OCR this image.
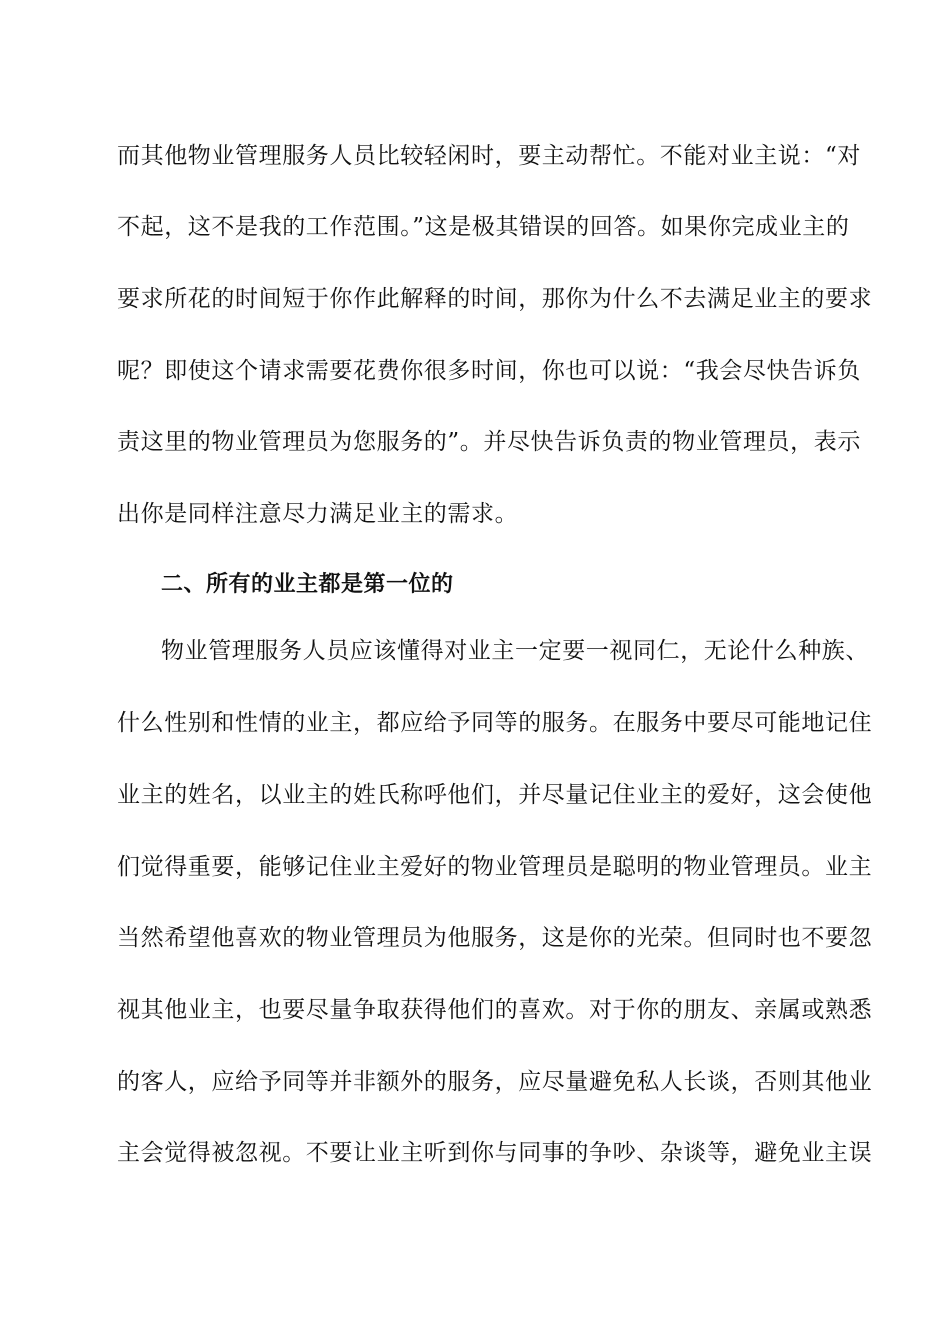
而其他物业管理服务人员比较轻闲时，要主动帮忙。不能对业主说：“对
不起，这不是我的工作范围。”这是极其错误的回答。如果你完成业主的
要求所花的时间短于你作此解释的时间，那你为什么不去满足业主的要求
呢？即使这个请求需要花费你很多时间，你也可以说：“我会尽快告诉负
责这里的物业管理员为您服务的”。并尽快告诉负责的物业管理员，表示
出你是同样注意尽力满足业主的需求。
二、所有的业主都是第一位的
物业管理服务人员应该懂得对业主一定要一视同仁，无论什么种族、
什么性别和性情的业主，都应给予同等的服务。在服务中要尽可能地记住
业主的姓名，以业主的姓氏称呼他们，并尽量记住业主的爱好，这会使他
们觉得重要，能够记住业主爱好的物业管理员是聪明的物业管理员。业主
当然希望他喜欢的物业管理员为他服务，这是你的光荣。但同时也不要忽
视其他业主，也要尽量争取获得他们的喜欢。对于你的朋友、亲属或熟悉
的客人，应给予同等并非额外的服务，应尽量避免私人长谈，否则其他业
主会觉得被忽视。不要让业主听到你与同事的争吵、杂谈等，避免业主误
